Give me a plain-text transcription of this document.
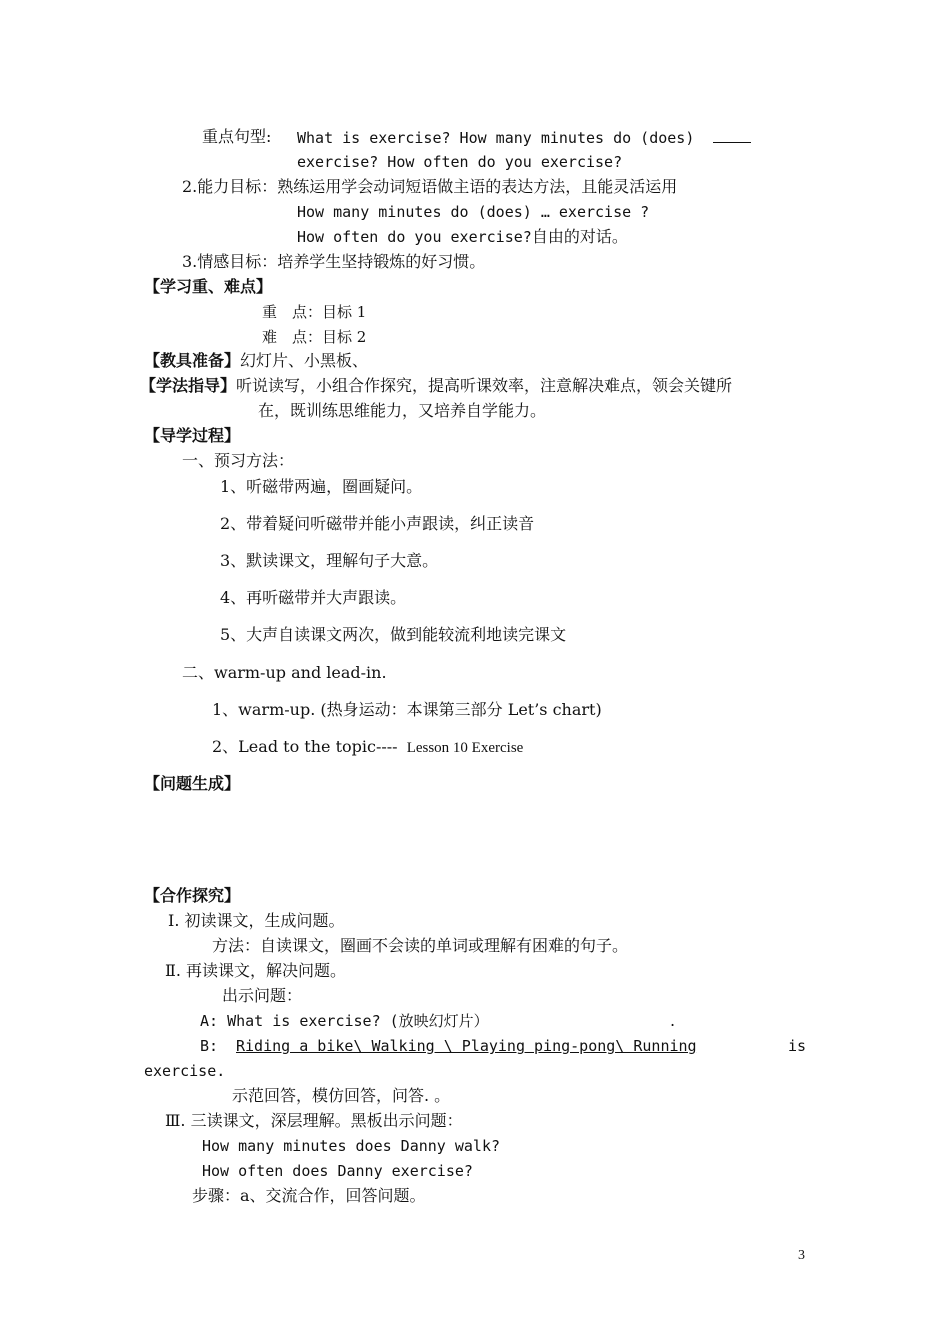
重点句型: What is exercise? How many minutes do (does)
exercise? How often do you exercise?
2.能力目标：熟练运用学会动词短语做主语的表达方法，且能灵活运用
How many minutes do (does) … exercise ?
How often do you exercise?自由的对话。
3.情感目标：培养学生坚持锻炼的好习惯。
【学习重、难点】
重　点：目标 1
难　点：目标 2
【教具准备】幻灯片、小黑板、
【学法指导】听说读写，小组合作探究，提高听课效率，注意解决难点，领会关键所
在，既训练思维能力，又培养自学能力。
【导学过程】
一、预习方法：
1、听磁带两遍，圈画疑问。
2、带着疑问听磁带并能小声跟读，纠正读音
3、默读课文，理解句子大意。
4、再听磁带并大声跟读。
5、大声自读课文两次，做到能较流利地读完课文
二、warm-up and lead-in.
1、warm-up. (热身运动：本课第三部分 Let’s chart)
2、Lead to the topic---- Lesson 10 Exercise
【问题生成】
【合作探究】
Ⅰ. 初读课文，生成问题。
方法：自读课文，圈画不会读的单词或理解有困难的句子。
Ⅱ. 再读课文，解决问题。
出示问题：
A: What is exercise? (放映幻灯片）	.
B: Riding a bike\ Walking \ Playing ping-pong\ Running	is
exercise.
示范回答，模仿回答，问答. 。
Ⅲ. 三读课文，深层理解。黑板出示问题：
How many minutes does Danny walk?
How often does Danny exercise?
步骤：a、交流合作，回答问题。
3
